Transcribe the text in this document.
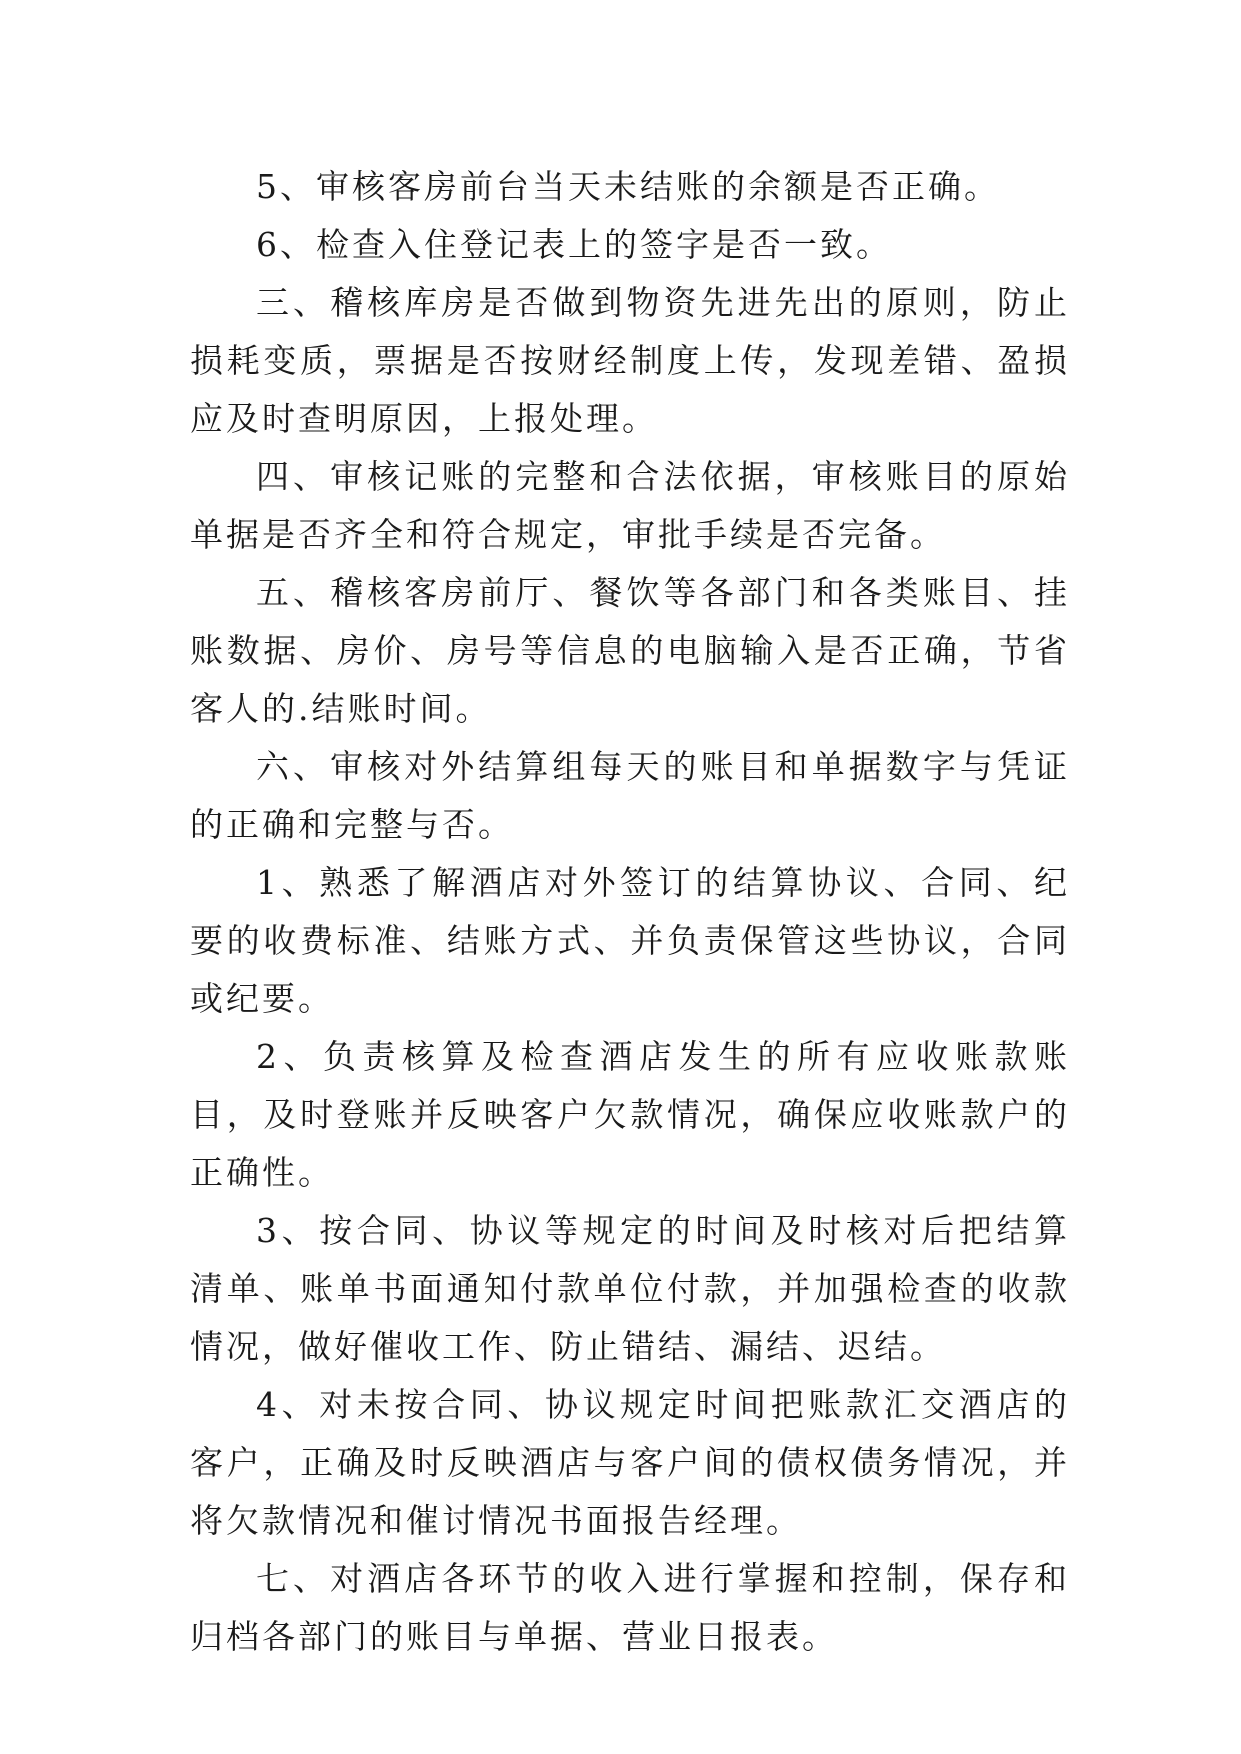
5、审核客房前台当天未结账的余额是否正确。

6、检查入住登记表上的签字是否一致。

三、稽核库房是否做到物资先进先出的原则，防止损耗变质，票据是否按财经制度上传，发现差错、盈损应及时查明原因，上报处理。

四、审核记账的完整和合法依据，审核账目的原始单据是否齐全和符合规定，审批手续是否完备。

五、稽核客房前厅、餐饮等各部门和各类账目、挂账数据、房价、房号等信息的电脑输入是否正确，节省客人的.结账时间。

六、审核对外结算组每天的账目和单据数字与凭证的正确和完整与否。

1、熟悉了解酒店对外签订的结算协议、合同、纪要的收费标准、结账方式、并负责保管这些协议，合同或纪要。

2、负责核算及检查酒店发生的所有应收账款账目，及时登账并反映客户欠款情况，确保应收账款户的正确性。

3、按合同、协议等规定的时间及时核对后把结算清单、账单书面通知付款单位付款，并加强检查的收款情况，做好催收工作、防止错结、漏结、迟结。

4、对未按合同、协议规定时间把账款汇交酒店的客户，正确及时反映酒店与客户间的债权债务情况，并将欠款情况和催讨情况书面报告经理。

七、对酒店各环节的收入进行掌握和控制，保存和归档各部门的账目与单据、营业日报表。
